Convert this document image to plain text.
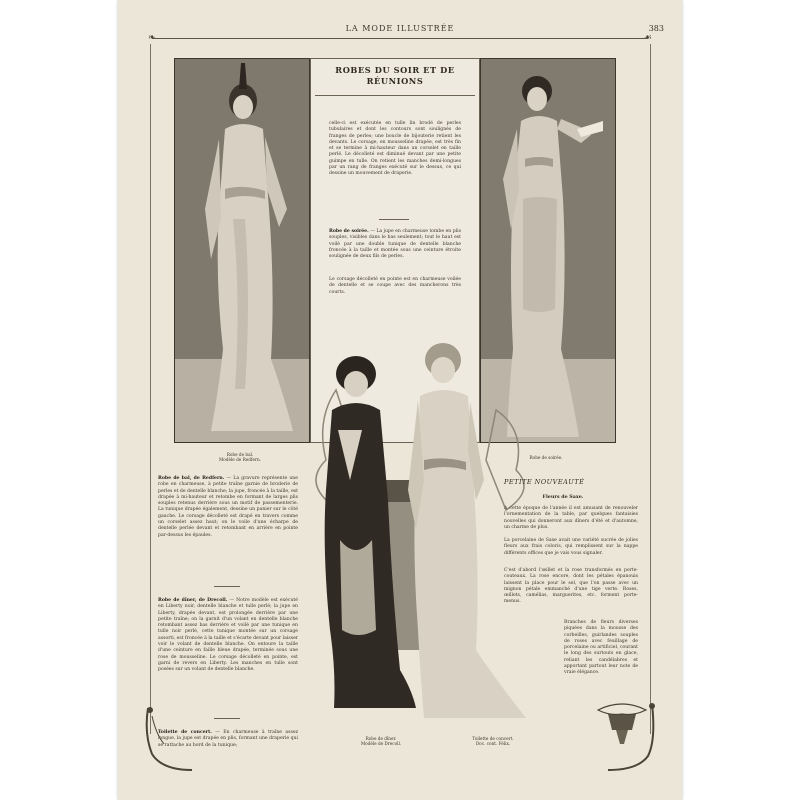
LA MODE ILLUSTRÉE	383
❧	☙
ROBES DU SOIR ET DE
RÉUNIONS
celle-ci est exécutée en tulle lin brodé de perles tubulaires et dont les contours sont soulignés de franges de perles; une boucle de bijouterie retient les devants. Le corsage, en mousseline drapée, est très fin et se termine à mi-hauteur dans un corselet en taille perlé. Le décolleté est diminué devant par une petite guimpe en tulle. On retient les manches demi-longues par un rang de franges exécuté sur le dessus, ce qui dessine un mouvement de draperie.
Robe de soirée. — La jupe en charmeuse tombe en plis souples, visibles dans le bas seulement; tout le haut est voilé par une double tunique de dentelle blanche froncée à la taille et montée sous une ceinture étroite soulignée de deux fils de perles.
Le corsage décolleté en pointe est en charmeuse voilée de dentelle et se coupe avec des mancherons très courts.
Robe de bal.
Modèle de Redfern.	Robe de soirée.
Robe de bal, de Redfern. — La gravure représente une robe en charmeuse, à petite traîne garnie de broderie de perles et de dentelle blanche; la jupe, froncée à la taille, est drapée à mi-hauteur et retombe en formant de larges plis souples retenus derrière sous un motif de passementerie. La tunique drapée également, dessine un panier sur le côté gauche. Le corsage décolleté est drapé en travers comme un corselet assez haut; on le voile d'une écharpe de dentelle perlée devant et retombant en arrière en pointe par-dessus les épaules.
Robe de dîner, de Drecoll. — Notre modèle est exécuté en Liberty noir, dentelle blanche et tulle perlé; la jupe en Liberty, drapée devant, est prolongée derrière par une petite traîne; on la garnit d'un volant en dentelle blanche retombant assez bas derrière et voilé par une tunique en tulle noir perlé, cette tunique montée sur un corsage assorti, est froncée à la taille et s'écarte devant pour laisser voir le volant de dentelle blanche. On entoure la taille d'une ceinture en faille bleue drapée, terminée sous une rose de mousseline. Le corsage décolleté en pointe, est garni de revers en Liberty. Les manches en tulle sont posées sur un volant de dentelle blanche.
Toilette de concert. — En charmeuse à traîne assez longue, la jupe est drapée en plis, formant une draperie qui se rattache au bord de la tunique;
PETITE NOUVEAUTÉ
Fleurs de Saxe.
A cette époque de l'année il est amusant de renouveler l'ornementation de la table, par quelques fantaisies nouvelles qui donneront aux dîners d'été et d'automne, un charme de plus.
La porcelaine de Saxe avait une variété sucrée de jolies fleurs aux frais coloris, qui remplissent sur la nappe différents offices que je vais vous signaler.
C'est d'abord l'œillet et la rose transformés en porte-couteaux. La rose encore, dont les pétales épanouis laissent la place pour le sel, que l'on passe avec un mignon pétale emmanché d'une tige verte. Roses, œillets, camélias, marguerites, etc. forment porte-menus.
Branches de fleurs diverses piquées dans la mousse des corbeilles, guirlandes souples de roses avec feuillage de porcelaine ou artificiel, courant le long des surtouts en glace, reliant les candélabres et apportant partout leur note de vraie élégance.
Robe de dîner.
Modèle de Drecoll.
Toilette de concert.
Doc. cont. Félix.
